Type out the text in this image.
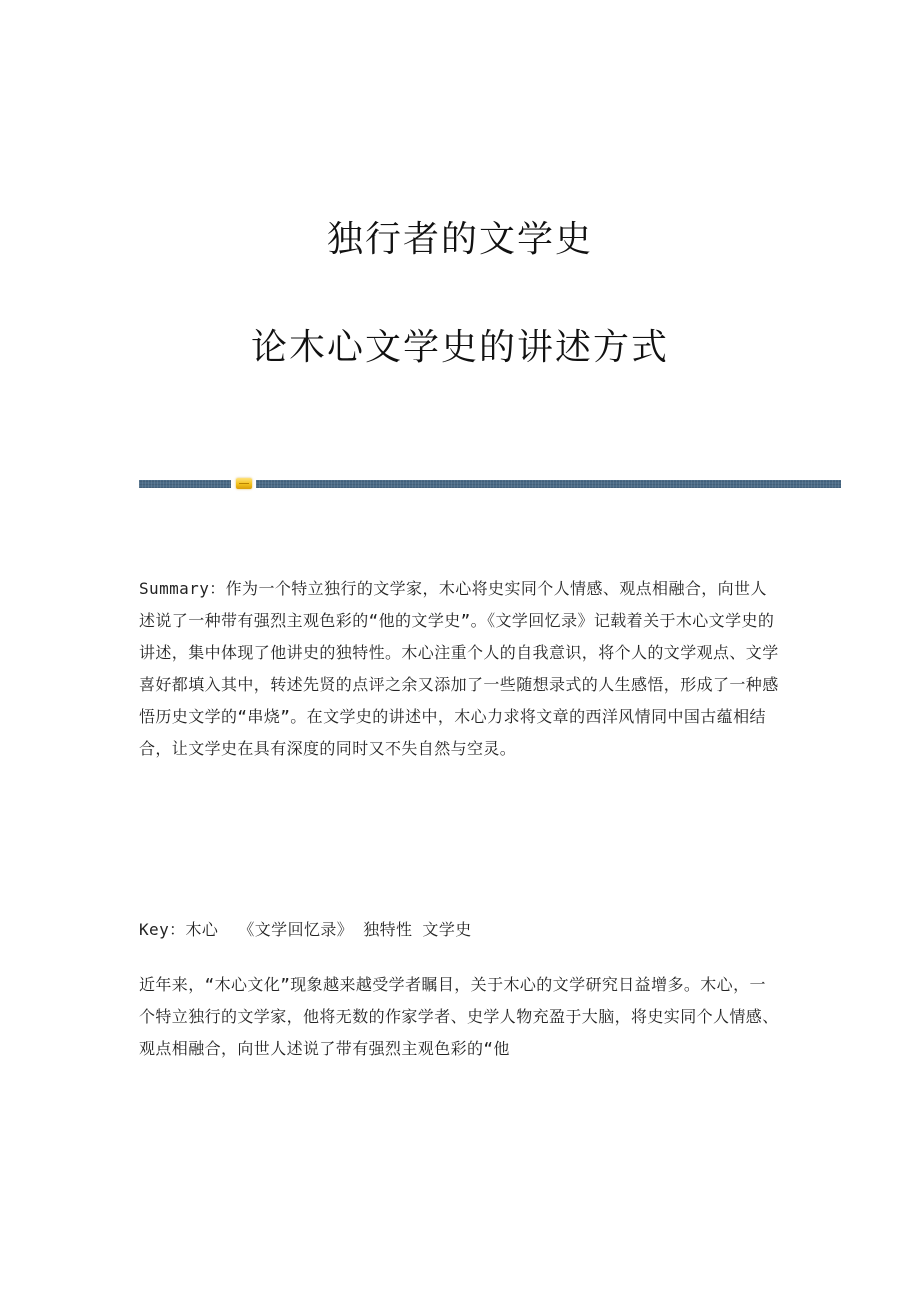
独行者的文学史
论木心文学史的讲述方式
Summary：作为一个特立独行的文学家，木心将史实同个人情感、观点相融合，向世人述说了一种带有强烈主观色彩的“他的文学史”。《文学回忆录》记载着关于木心文学史的讲述，集中体现了他讲史的独特性。木心注重个人的自我意识，将个人的文学观点、文学喜好都填入其中，转述先贤的点评之余又添加了一些随想录式的人生感悟，形成了一种感悟历史文学的“串烧”。在文学史的讲述中，木心力求将文章的西洋风情同中国古蕴相结合，让文学史在具有深度的同时又不失自然与空灵。
Key：木心  《文学回忆录》 独特性 文学史
近年来，“木心文化”现象越来越受学者瞩目，关于木心的文学研究日益增多。木心，一个特立独行的文学家，他将无数的作家学者、史学人物充盈于大脑，将史实同个人情感、观点相融合，向世人述说了带有强烈主观色彩的“他
